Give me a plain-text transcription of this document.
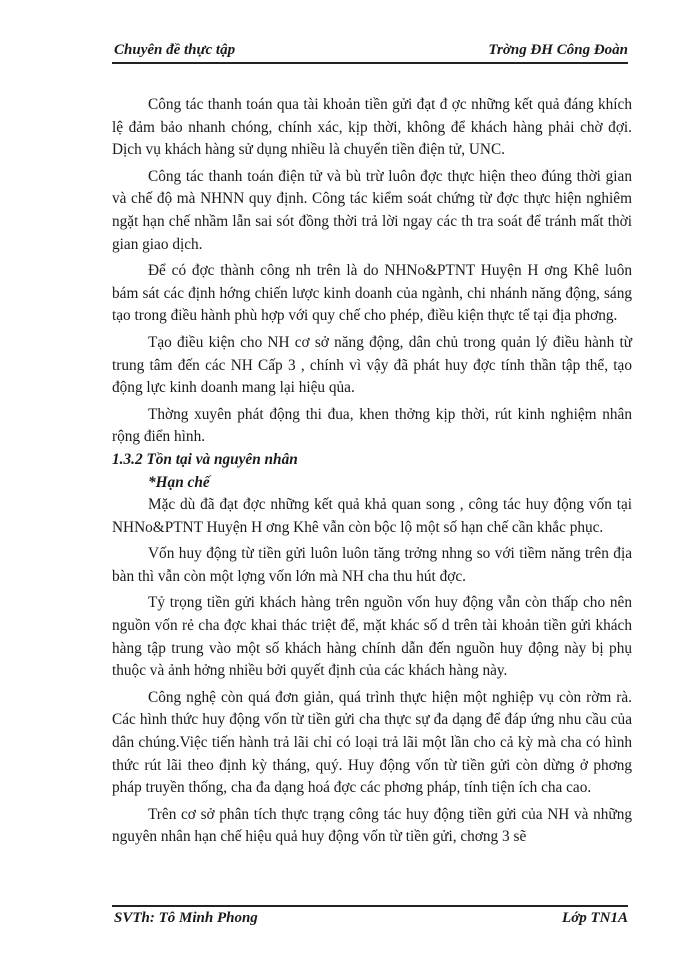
Chuyên đề thực tập	Trờng ĐH Công Đoàn

Công tác thanh toán qua tài khoản tiền gửi đạt đ ợc những kết quả đáng khích lệ đảm bảo nhanh chóng, chính xác, kịp thời, không để khách hàng phải chờ đợi. Dịch vụ khách hàng sử dụng nhiều là chuyển tiền điện tử, UNC.

Công tác thanh toán điện tử và bù trừ luôn đợc thực hiện theo đúng thời gian và chế độ mà NHNN quy định. Công tác kiểm soát chứng từ đợc thực hiện nghiêm ngặt hạn chế nhầm lẫn sai sót đồng thời trả lời ngay các th tra soát để tránh mất thời gian giao dịch.

Để có đợc thành công nh trên là do NHNo&PTNT Huyện H ơng Khê luôn bám sát các định hớng chiến lược kinh doanh của ngành, chi nhánh năng động, sáng tạo trong điều hành phù hợp với quy chế cho phép, điều kiện thực tế tại địa phơng.

Tạo điều kiện cho NH cơ sở năng động, dân chủ trong quản lý điều hành từ trung tâm đến các NH Cấp 3 , chính vì vậy đã phát huy đợc tính thần tập thể, tạo động lực kinh doanh mang lại hiệu qủa.

Thờng xuyên phát động thi đua, khen thởng kịp thời, rút kinh nghiệm nhân rộng điển hình.

1.3.2 Tồn tại và nguyên nhân

*Hạn chế

Mặc dù đã đạt đợc những kết quả khả quan song , công tác huy động vốn tại NHNo&PTNT Huyện H ơng Khê vẫn còn bộc lộ một số hạn chế cần khắc phục.

Vốn huy động từ tiền gửi luôn luôn tăng trởng nhng so với tiềm năng trên địa bàn thì vẫn còn một lợng vốn lớn mà NH cha thu hút đợc.

Tỷ trọng tiền gửi khách hàng trên nguồn vốn huy động vẫn còn thấp cho nên nguồn vốn rẻ cha đợc khai thác triệt để, mặt khác số d trên tài khoản tiền gửi khách hàng tập trung vào một số khách hàng chính dẫn đến nguồn huy động này bị phụ thuộc và ảnh hởng nhiều bởi quyết định của các khách hàng này.

Công nghệ còn quá đơn giản, quá trình thực hiện một nghiệp vụ còn rờm rà. Các hình thức huy động vốn từ tiền gửi cha thực sự đa dạng để đáp ứng nhu cầu của dân chúng.Việc tiến hành trả lãi chỉ có loại trả lãi một lần cho cả kỳ mà cha có hình thức rút lãi theo định kỳ tháng, quý. Huy động vốn từ tiền gửi còn dừng ở phơng pháp truyền thống, cha đa dạng hoá đợc các phơng pháp, tính tiện ích cha cao.

Trên cơ sở phân tích thực trạng công tác huy động tiền gửi của NH và những nguyên nhân hạn chế hiệu quả huy động vốn từ tiền gửi, chơng 3 sẽ

SVTh: Tô Minh Phong	Lớp TN1A
